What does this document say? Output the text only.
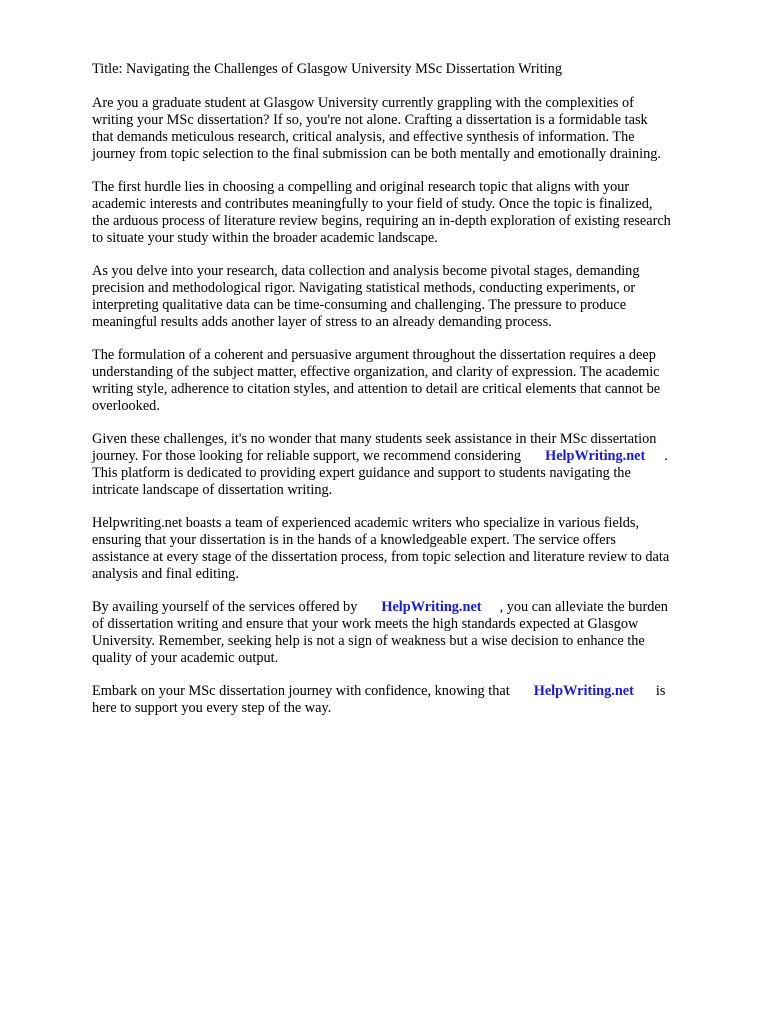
Title: Navigating the Challenges of Glasgow University MSc Dissertation Writing

Are you a graduate student at Glasgow University currently grappling with the complexities of
writing your MSc dissertation? If so, you're not alone. Crafting a dissertation is a formidable task
that demands meticulous research, critical analysis, and effective synthesis of information. The
journey from topic selection to the final submission can be both mentally and emotionally draining.

The first hurdle lies in choosing a compelling and original research topic that aligns with your
academic interests and contributes meaningfully to your field of study. Once the topic is finalized,
the arduous process of literature review begins, requiring an in-depth exploration of existing research
to situate your study within the broader academic landscape.

As you delve into your research, data collection and analysis become pivotal stages, demanding
precision and methodological rigor. Navigating statistical methods, conducting experiments, or
interpreting qualitative data can be time-consuming and challenging. The pressure to produce
meaningful results adds another layer of stress to an already demanding process.

The formulation of a coherent and persuasive argument throughout the dissertation requires a deep
understanding of the subject matter, effective organization, and clarity of expression. The academic
writing style, adherence to citation styles, and attention to detail are critical elements that cannot be
overlooked.

Given these challenges, it's no wonder that many students seek assistance in their MSc dissertation
journey. For those looking for reliable support, we recommend considering HelpWriting.net .
This platform is dedicated to providing expert guidance and support to students navigating the
intricate landscape of dissertation writing.

Helpwriting.net boasts a team of experienced academic writers who specialize in various fields,
ensuring that your dissertation is in the hands of a knowledgeable expert. The service offers
assistance at every stage of the dissertation process, from topic selection and literature review to data
analysis and final editing.

By availing yourself of the services offered by HelpWriting.net , you can alleviate the burden
of dissertation writing and ensure that your work meets the high standards expected at Glasgow
University. Remember, seeking help is not a sign of weakness but a wise decision to enhance the
quality of your academic output.

Embark on your MSc dissertation journey with confidence, knowing that HelpWriting.net is
here to support you every step of the way.
